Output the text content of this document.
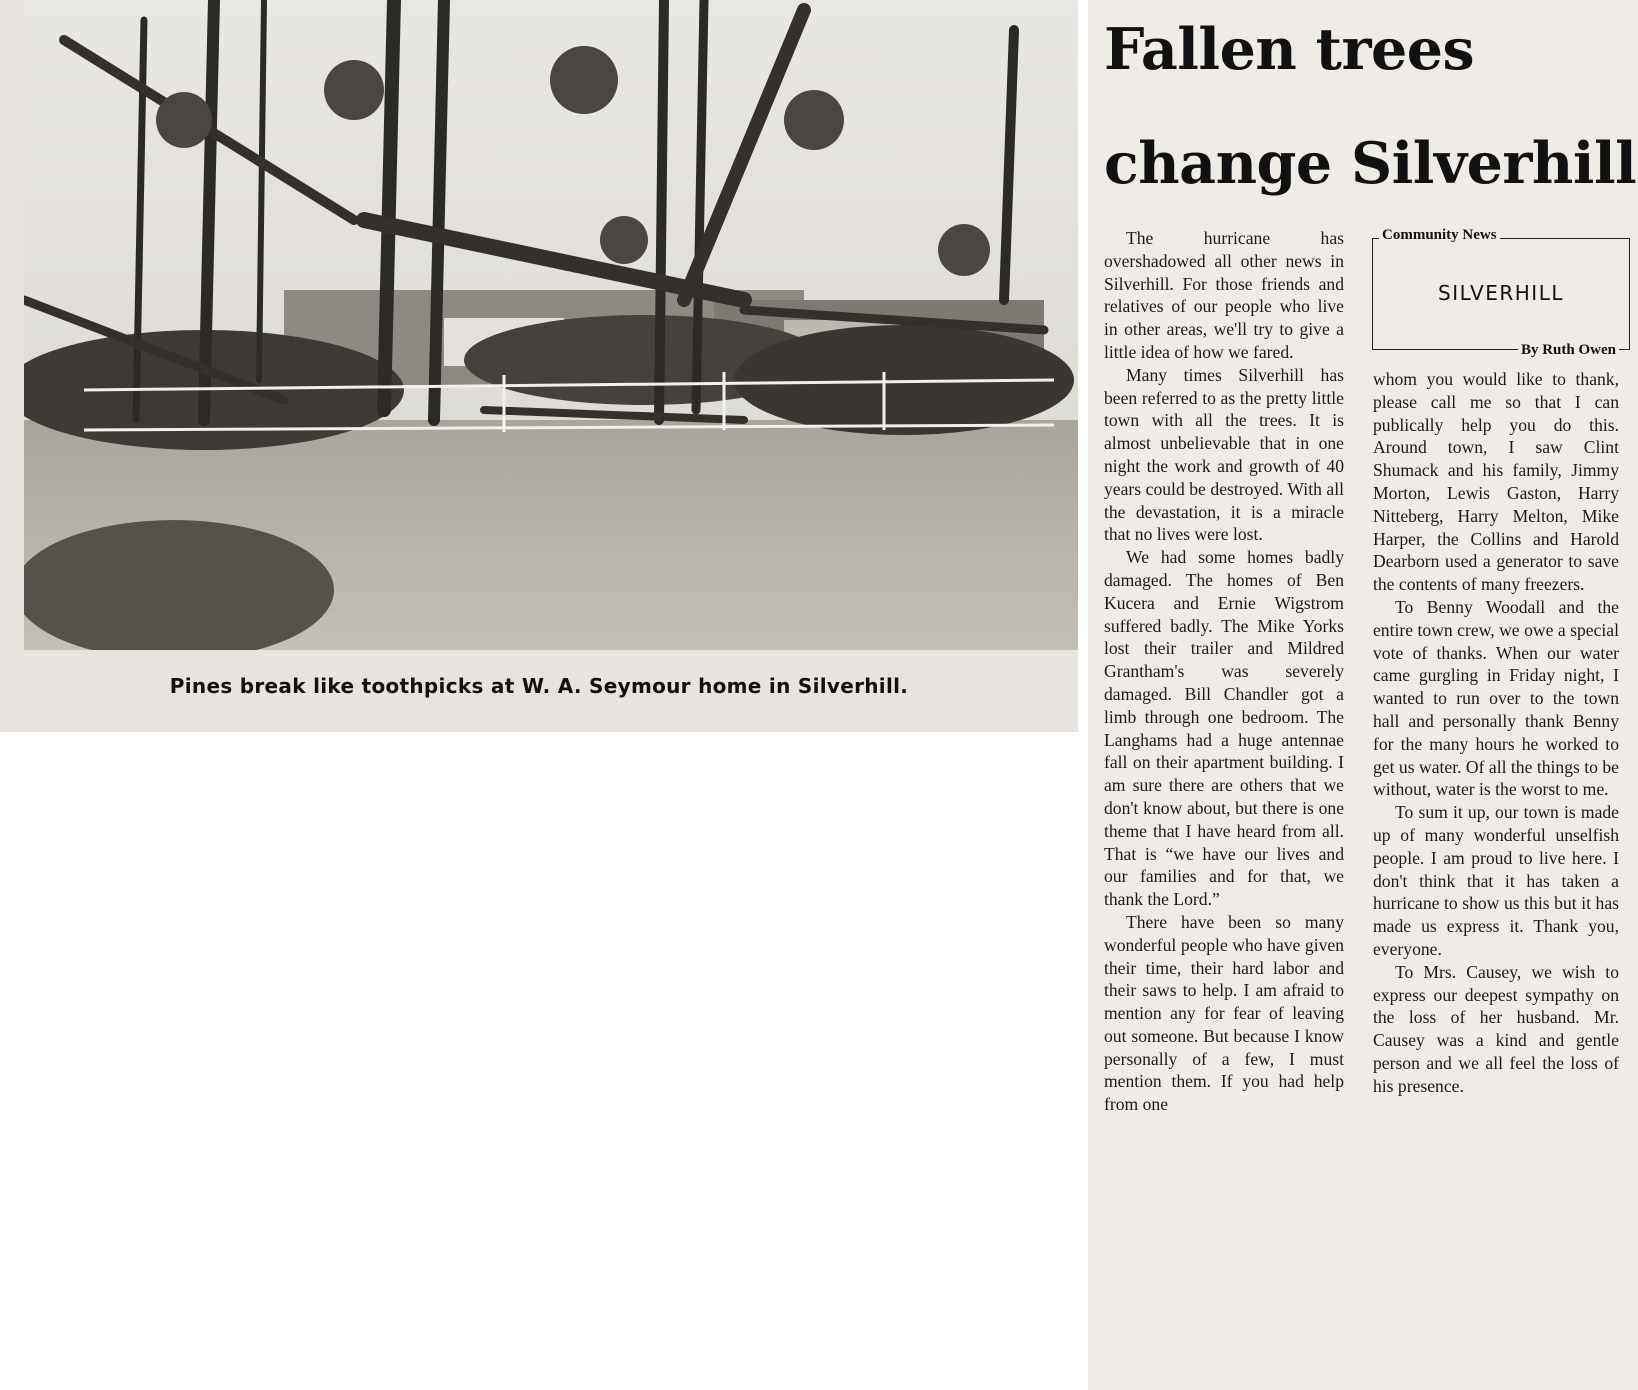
Pines break like toothpicks at W. A. Seymour home in Silverhill.
Fallen trees
change Silverhill

The hurricane has overshadowed all other news in Silverhill. For those friends and relatives of our people who live in other areas, we'll try to give a little idea of how we fared.

Many times Silverhill has been referred to as the pretty little town with all the trees. It is almost unbelievable that in one night the work and growth of 40 years could be destroyed. With all the devastation, it is a miracle that no lives were lost.

We had some homes badly damaged. The homes of Ben Kucera and Ernie Wigstrom suffered badly. The Mike Yorks lost their trailer and Mildred Grantham's was severely damaged. Bill Chandler got a limb through one bedroom. The Langhams had a huge antennae fall on their apartment building. I am sure there are others that we don't know about, but there is one theme that I have heard from all. That is “we have our lives and our families and for that, we thank the Lord.”

There have been so many wonderful people who have given their time, their hard labor and their saws to help. I am afraid to mention any for fear of leaving out someone. But because I know personally of a few, I must mention them. If you had help from one

Community News
SILVERHILL
By Ruth Owen

whom you would like to thank, please call me so that I can publically help you do this. Around town, I saw Clint Shumack and his family, Jimmy Morton, Lewis Gaston, Harry Nitteberg, Harry Melton, Mike Harper, the Collins and Harold Dearborn used a generator to save the contents of many freezers.

To Benny Woodall and the entire town crew, we owe a special vote of thanks. When our water came gurgling in Friday night, I wanted to run over to the town hall and personally thank Benny for the many hours he worked to get us water. Of all the things to be without, water is the worst to me.

To sum it up, our town is made up of many wonderful unselfish people. I am proud to live here. I don't think that it has taken a hurricane to show us this but it has made us express it. Thank you, everyone.

To Mrs. Causey, we wish to express our deepest sympathy on the loss of her husband. Mr. Causey was a kind and gentle person and we all feel the loss of his presence.
